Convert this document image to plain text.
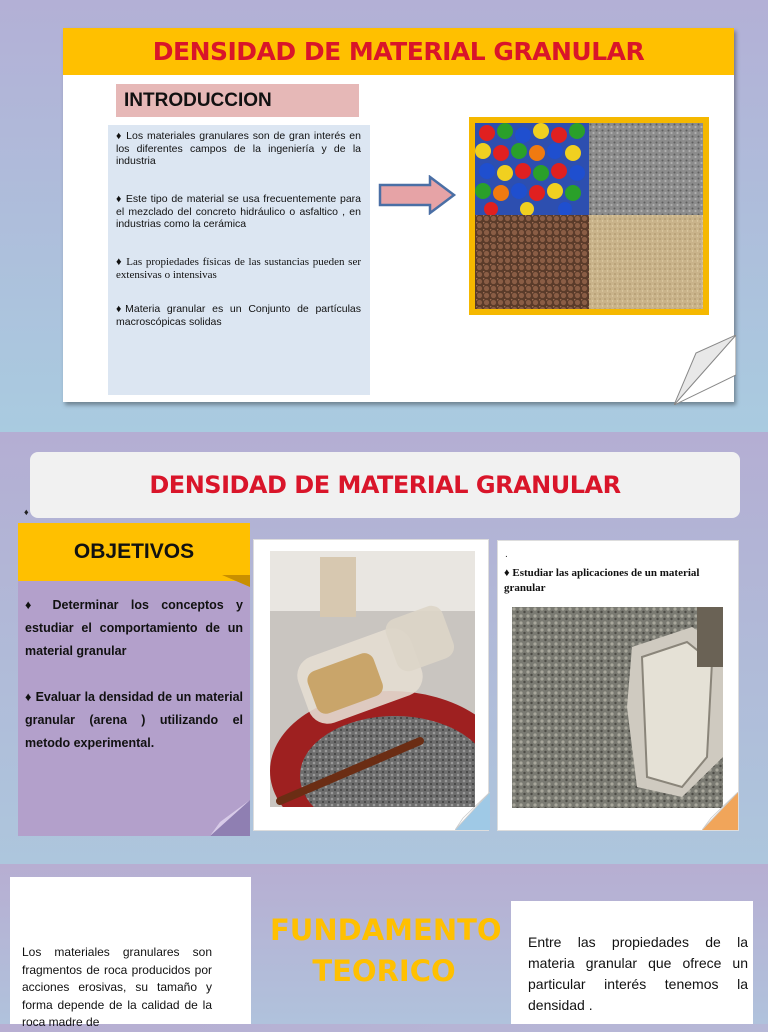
DENSIDAD DE MATERIAL GRANULAR
INTRODUCCION
♦ Los materiales granulares son de gran interés en los diferentes campos de la ingeniería y de la industria
♦ Este tipo de material se usa frecuentemente para el mezclado del concreto hidráulico o asfaltico , en industrias como la cerámica
♦ Las propiedades físicas de las sustancias pueden ser extensivas o intensivas
♦Materia granular es un Conjunto de partículas macroscópicas solidas
DENSIDAD DE MATERIAL GRANULAR
♦
OBJETIVOS
♦ Determinar los conceptos y estudiar el comportamiento de un material granular
♦ Evaluar la densidad de un material granular (arena ) utilizando el metodo experimental.
.
♦ Estudiar las aplicaciones de un material granular
Los materiales granulares son fragmentos de roca producidos por acciones erosivas, su tamaño y forma depende de la calidad de la roca madre de
FUNDAMENTO
TEORICO
Entre las propiedades de la materia granular que ofrece un particular interés tenemos la densidad .
